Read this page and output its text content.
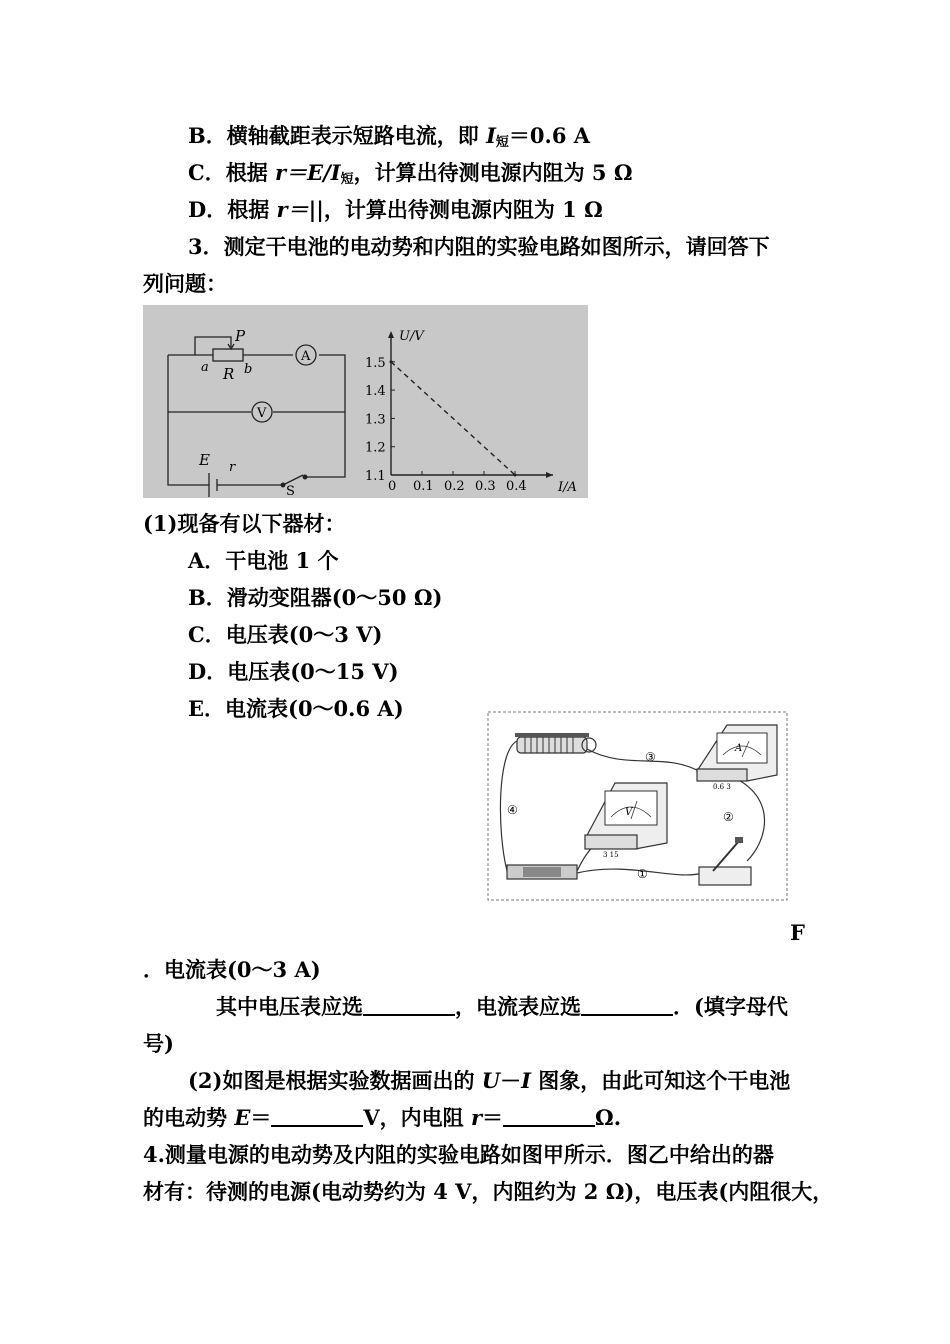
B．横轴截距表示短路电流，即 $I_短=0.6$ A
C．根据 $r=E/I_短$，计算出待测电源内阻为 5 Ω
D．根据 r＝||，计算出待测电源内阻为 1 Ω
3．测定干电池的电动势和内阻的实验电路如图所示，请回答下
列问题：
P
a R b
A
V
E r
S	0 0.1 0.2 0.3 0.4
1.1
1.2
1.3
1.4
1.5
I/A
U/V
(1)现备有以下器材：
A．干电池 1 个
B．滑动变阻器(0～50 Ω)
C．电压表(0～3 V)
D．电压表(0～15 V)
E．电流表(0～0.6 A)
A
0.6 3
V
3 15
③
②
①
④
F
．电流表(0～3 A)
其中电压表应选	，电流表应选	．(填字母代
号)
(2)如图是根据实验数据画出的 U－I 图象，由此可知这个干电池
的电动势 E＝	V，内电阻 r＝	Ω.
4.测量电源的电动势及内阻的实验电路如图甲所示．图乙中给出的器
材有：待测的电源(电动势约为 4 V，内阻约为 2 Ω)，电压表(内阻很大，
